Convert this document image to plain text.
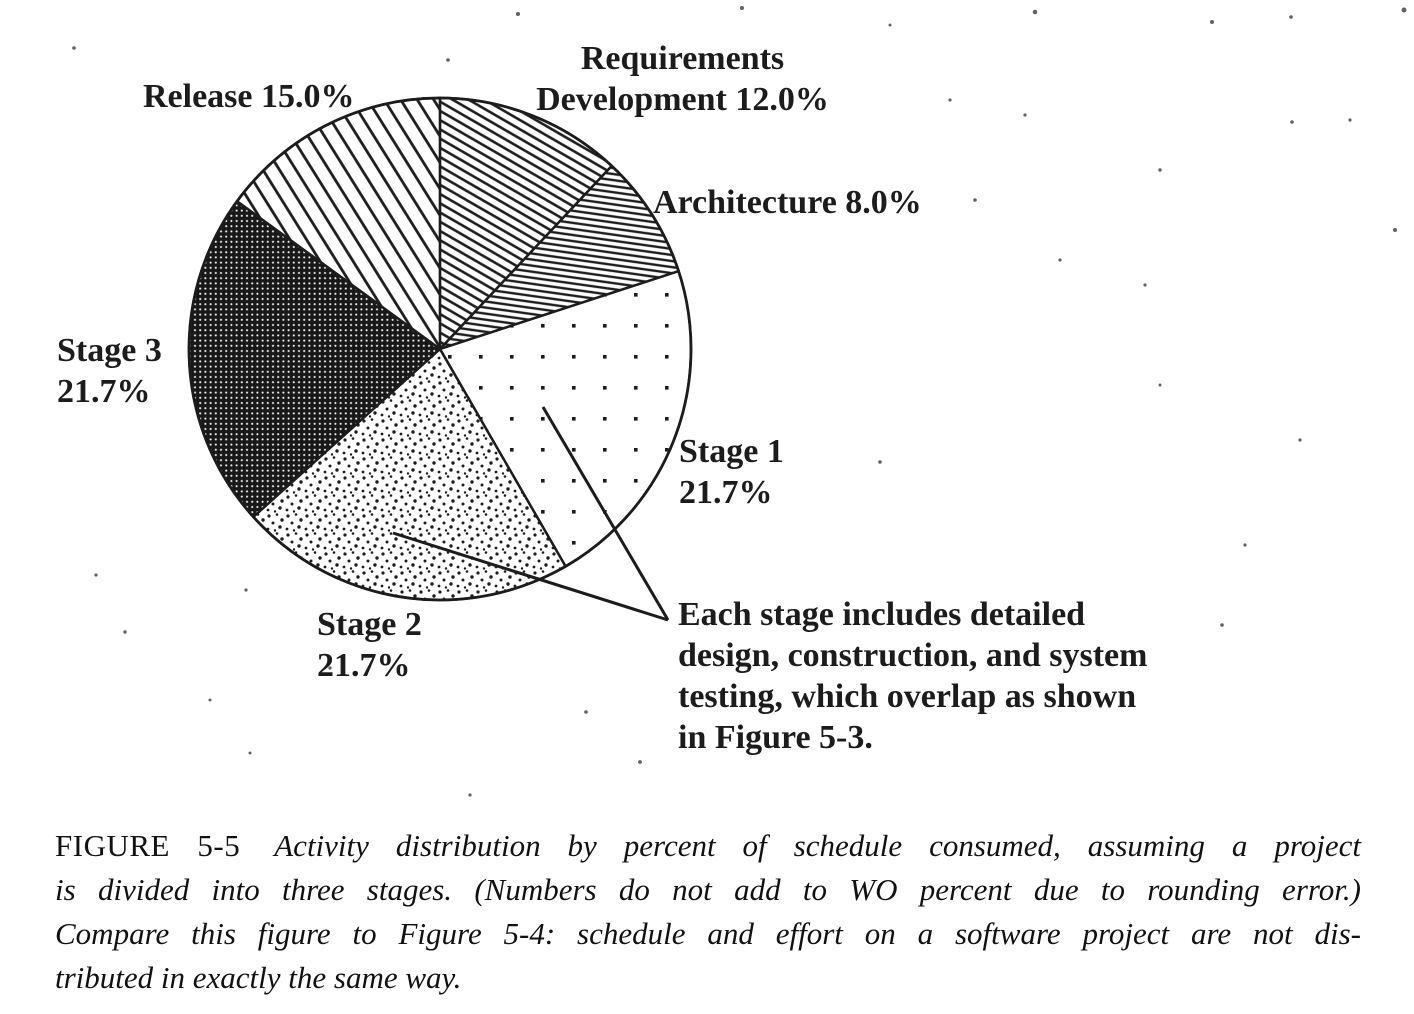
Requirements
Development 12.0%
Release 15.0%
Architecture 8.0%
Stage 3
21.7%
Stage 1
21.7%
Stage 2
21.7%
Each stage includes detailed
design, construction, and system
testing, which overlap as shown
in Figure 5-3.
FIGURE 5-5 Activity distribution by percent of schedule consumed, assuming a project
is divided into three stages. (Numbers do not add to WO percent due to rounding error.)
Compare this figure to Figure 5-4: schedule and effort on a software project are not dis-
tributed in exactly the same way.
